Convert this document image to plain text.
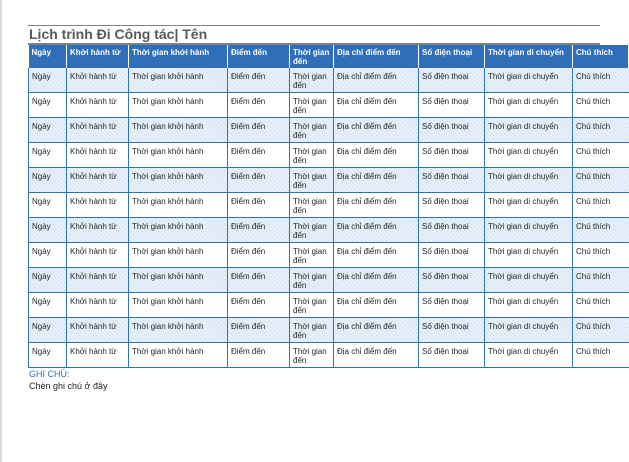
Lịch trình Đi Công tác| Tên
Ngày	Khởi hành từ	Thời gian khởi hành	Điểm đến	Thời gian đến	Địa chỉ điểm đến	Số điện thoại	Thời gian di chuyển	Chú thích
Ngày	Khởi hành từ	Thời gian khởi hành	Điểm đến	Thời gian đến	Địa chỉ điểm đến	Số điện thoại	Thời gian di chuyển	Chú thích
Ngày	Khởi hành từ	Thời gian khởi hành	Điểm đến	Thời gian đến	Địa chỉ điểm đến	Số điện thoại	Thời gian di chuyển	Chú thích
Ngày	Khởi hành từ	Thời gian khởi hành	Điểm đến	Thời gian đến	Địa chỉ điểm đến	Số điện thoại	Thời gian di chuyển	Chú thích
Ngày	Khởi hành từ	Thời gian khởi hành	Điểm đến	Thời gian đến	Địa chỉ điểm đến	Số điện thoại	Thời gian di chuyển	Chú thích
Ngày	Khởi hành từ	Thời gian khởi hành	Điểm đến	Thời gian đến	Địa chỉ điểm đến	Số điện thoại	Thời gian di chuyển	Chú thích
Ngày	Khởi hành từ	Thời gian khởi hành	Điểm đến	Thời gian đến	Địa chỉ điểm đến	Số điện thoại	Thời gian di chuyển	Chú thích
Ngày	Khởi hành từ	Thời gian khởi hành	Điểm đến	Thời gian đến	Địa chỉ điểm đến	Số điện thoại	Thời gian di chuyển	Chú thích
Ngày	Khởi hành từ	Thời gian khởi hành	Điểm đến	Thời gian đến	Địa chỉ điểm đến	Số điện thoại	Thời gian di chuyển	Chú thích
Ngày	Khởi hành từ	Thời gian khởi hành	Điểm đến	Thời gian đến	Địa chỉ điểm đến	Số điện thoại	Thời gian di chuyển	Chú thích
Ngày	Khởi hành từ	Thời gian khởi hành	Điểm đến	Thời gian đến	Địa chỉ điểm đến	Số điện thoại	Thời gian di chuyển	Chú thích
Ngày	Khởi hành từ	Thời gian khởi hành	Điểm đến	Thời gian đến	Địa chỉ điểm đến	Số điện thoại	Thời gian di chuyển	Chú thích
Ngày	Khởi hành từ	Thời gian khởi hành	Điểm đến	Thời gian đến	Địa chỉ điểm đến	Số điện thoại	Thời gian di chuyển	Chú thích
GHI CHÚ:
Chèn ghi chú ở đây
